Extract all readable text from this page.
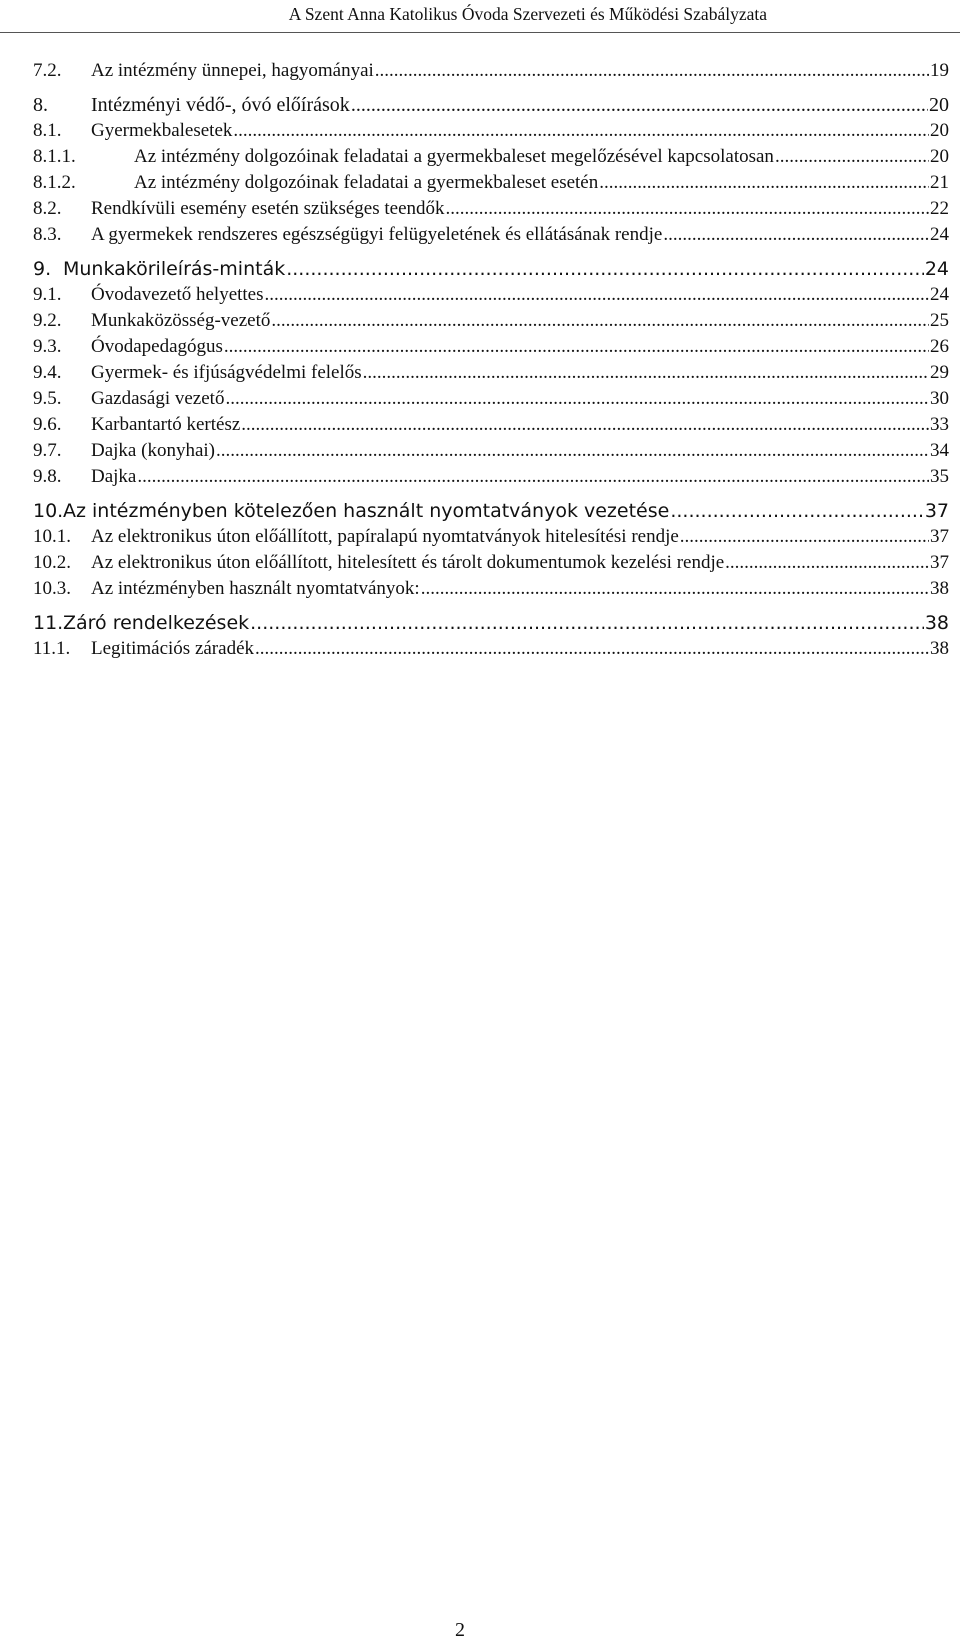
A Szent Anna Katolikus Óvoda Szervezeti és Működési Szabályzata
7.2.	Az intézmény ünnepei, hagyományai .....	19
8.	Intézményi védő-, óvó előírások .....	20
8.1.	Gyermekbalesetek .....	20
8.1.1.	Az intézmény dolgozóinak feladatai a gyermekbaleset megelőzésével kapcsolatosan .....	20
8.1.2.	Az intézmény dolgozóinak feladatai a gyermekbaleset esetén .....	21
8.2.	Rendkívüli esemény esetén szükséges teendők .....	22
8.3.	A gyermekek rendszeres egészségügyi felügyeletének és ellátásának rendje .....	24
9. Munkakörileírás-minták .....	24
9.1.	Óvodavezető helyettes .....	24
9.2.	Munkaközösség-vezető .....	25
9.3.	Óvodapedagógus .....	26
9.4.	Gyermek- és ifjúságvédelmi felelős .....	29
9.5.	Gazdasági vezető .....	30
9.6.	Karbantartó kertész .....	33
9.7.	Dajka (konyhai) .....	34
9.8.	Dajka .....	35
10. Az intézményben kötelezően használt nyomtatványok vezetése .....	37
10.1.	Az elektronikus úton előállított, papíralapú nyomtatványok hitelesítési rendje .....	37
10.2.	Az elektronikus úton előállított, hitelesített és tárolt dokumentumok kezelési rendje .....	37
10.3.	Az intézményben használt nyomtatványok: .....	38
11. Záró rendelkezések .....	38
11.1.	Legitimációs záradék .....	38
2
